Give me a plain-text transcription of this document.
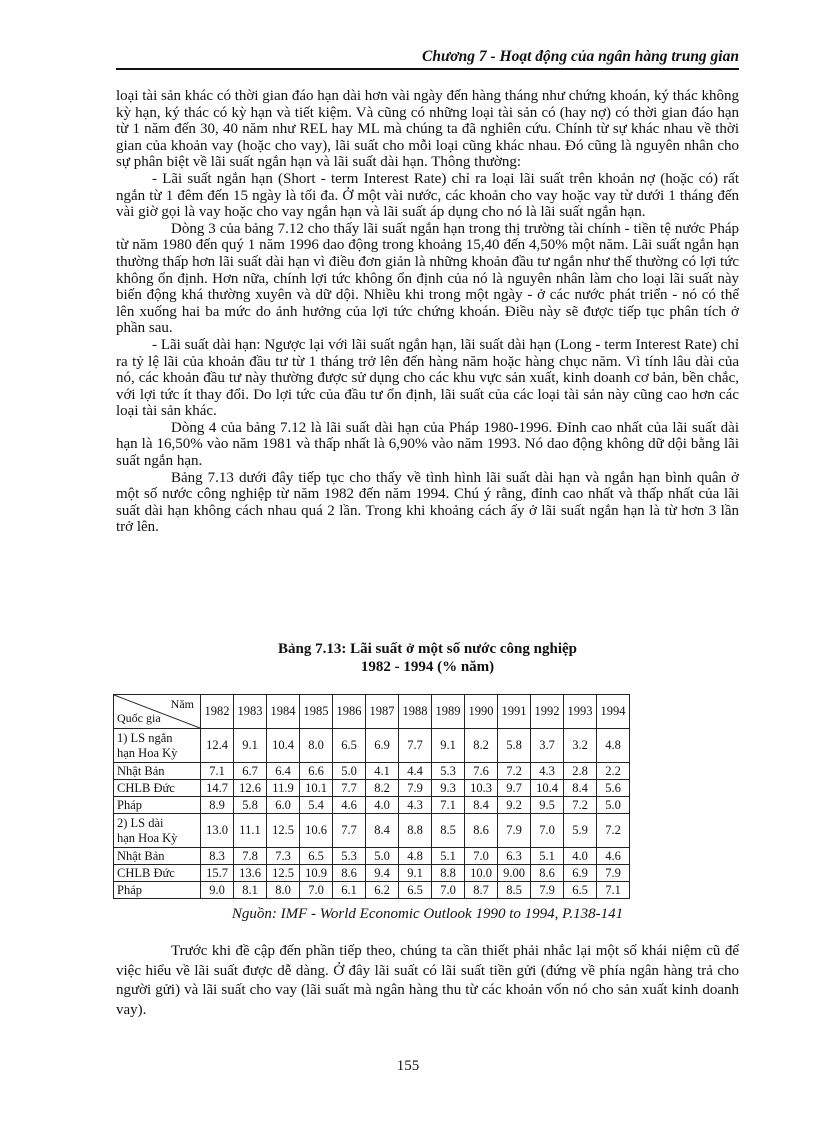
Chương 7 - Hoạt động của ngân hàng trung gian

loại tài sản khác có thời gian đáo hạn dài hơn vài ngày đến hàng tháng như chứng khoán, ký thác không kỳ hạn, ký thác có kỳ hạn và tiết kiệm. Và cũng có những loại tài sản có (hay nợ) có thời gian đáo hạn từ 1 năm đến 30, 40 năm như REL hay ML mà chúng ta đã nghiên cứu. Chính từ sự khác nhau về thời gian của khoản vay (hoặc cho vay), lãi suất cho mỗi loại cũng khác nhau. Đó cũng là nguyên nhân cho sự phân biệt về lãi suất ngắn hạn và lãi suất dài hạn. Thông thường:

- Lãi suất ngắn hạn (Short - term Interest Rate) chỉ ra loại lãi suất trên khoản nợ (hoặc có) rất ngắn từ 1 đêm đến 15 ngày là tối đa. Ở một vài nước, các khoản cho vay hoặc vay từ dưới 1 tháng đến vài giờ gọi là vay hoặc cho vay ngắn hạn và lãi suất áp dụng cho nó là lãi suất ngắn hạn.

Dòng 3 của bảng 7.12 cho thấy lãi suất ngắn hạn trong thị trường tài chính - tiền tệ nước Pháp từ năm 1980 đến quý 1 năm 1996 dao động trong khoảng 15,40 đến 4,50% một năm. Lãi suất ngắn hạn thường thấp hơn lãi suất dài hạn vì điều đơn giản là những khoản đầu tư ngắn như thế thường có lợi tức không ổn định. Hơn nữa, chính lợi tức không ổn định của nó là nguyên nhân làm cho loại lãi suất này biến động khá thường xuyên và dữ dội. Nhiều khi trong một ngày - ở các nước phát triển - nó có thể lên xuống hai ba mức do ảnh hưởng của lợi tức chứng khoán. Điều này sẽ được tiếp tục phân tích ở phần sau.

- Lãi suất dài hạn: Ngược lại với lãi suất ngắn hạn, lãi suất dài hạn (Long - term Interest Rate) chỉ ra tỷ lệ lãi của khoản đầu tư từ 1 tháng trở lên đến hàng năm hoặc hàng chục năm. Vì tính lâu dài của nó, các khoản đầu tư này thường được sử dụng cho các khu vực sản xuất, kinh doanh cơ bản, bền chắc, với lợi tức ít thay đổi. Do lợi tức của đầu tư ổn định, lãi suất của các loại tài sản này cũng cao hơn các loại tài sản khác.

Dòng 4 của bảng 7.12 là lãi suất dài hạn của Pháp 1980-1996. Đỉnh cao nhất của lãi suất dài hạn là 16,50% vào năm 1981 và thấp nhất là 6,90% vào năm 1993. Nó dao động không dữ dội bằng lãi suất ngắn hạn.

Bảng 7.13 dưới đây tiếp tục cho thấy về tình hình lãi suất dài hạn và ngắn hạn bình quân ở một số nước công nghiệp từ năm 1982 đến năm 1994. Chú ý rằng, đỉnh cao nhất và thấp nhất của lãi suất dài hạn không cách nhau quá 2 lần. Trong khi khoảng cách ấy ở lãi suất ngắn hạn là từ hơn 3 lần trở lên.

Bảng 7.13: Lãi suất ở một số nước công nghiệp
1982 - 1994 (% năm)
Năm
Quốc gia	1982	1983	1984	1985	1986	1987	1988	1989	1990	1991	1992	1993	1994

1) LS ngắn
hạn Hoa Kỳ	12.4	9.1	10.4	8.0	6.5	6.9	7.7	9.1	8.2	5.8	3.7	3.2	4.8

Nhật Bản	7.1	6.7	6.4	6.6	5.0	4.1	4.4	5.3	7.6	7.2	4.3	2.8	2.2

CHLB Đức	14.7	12.6	11.9	10.1	7.7	8.2	7.9	9.3	10.3	9.7	10.4	8.4	5.6

Pháp	8.9	5.8	6.0	5.4	4.6	4.0	4.3	7.1	8.4	9.2	9.5	7.2	5.0

2) LS dài
hạn Hoa Kỳ	13.0	11.1	12.5	10.6	7.7	8.4	8.8	8.5	8.6	7.9	7.0	5.9	7.2

Nhật Bản	8.3	7.8	7.3	6.5	5.3	5.0	4.8	5.1	7.0	6.3	5.1	4.0	4.6

CHLB Đức	15.7	13.6	12.5	10.9	8.6	9.4	9.1	8.8	10.0	9.00	8.6	6.9	7.9

Pháp	9.0	8.1	8.0	7.0	6.1	6.2	6.5	7.0	8.7	8.5	7.9	6.5	7.1
Nguồn: IMF - World Economic Outlook 1990 to 1994, P.138-141

Trước khi đề cập đến phần tiếp theo, chúng ta cần thiết phải nhắc lại một số khái niệm cũ để việc hiểu về lãi suất được dễ dàng. Ở đây lãi suất có lãi suất tiền gửi (đứng về phía ngân hàng trả cho người gửi) và lãi suất cho vay (lãi suất mà ngân hàng thu từ các khoản vốn nó cho sản xuất kinh doanh vay).

155
